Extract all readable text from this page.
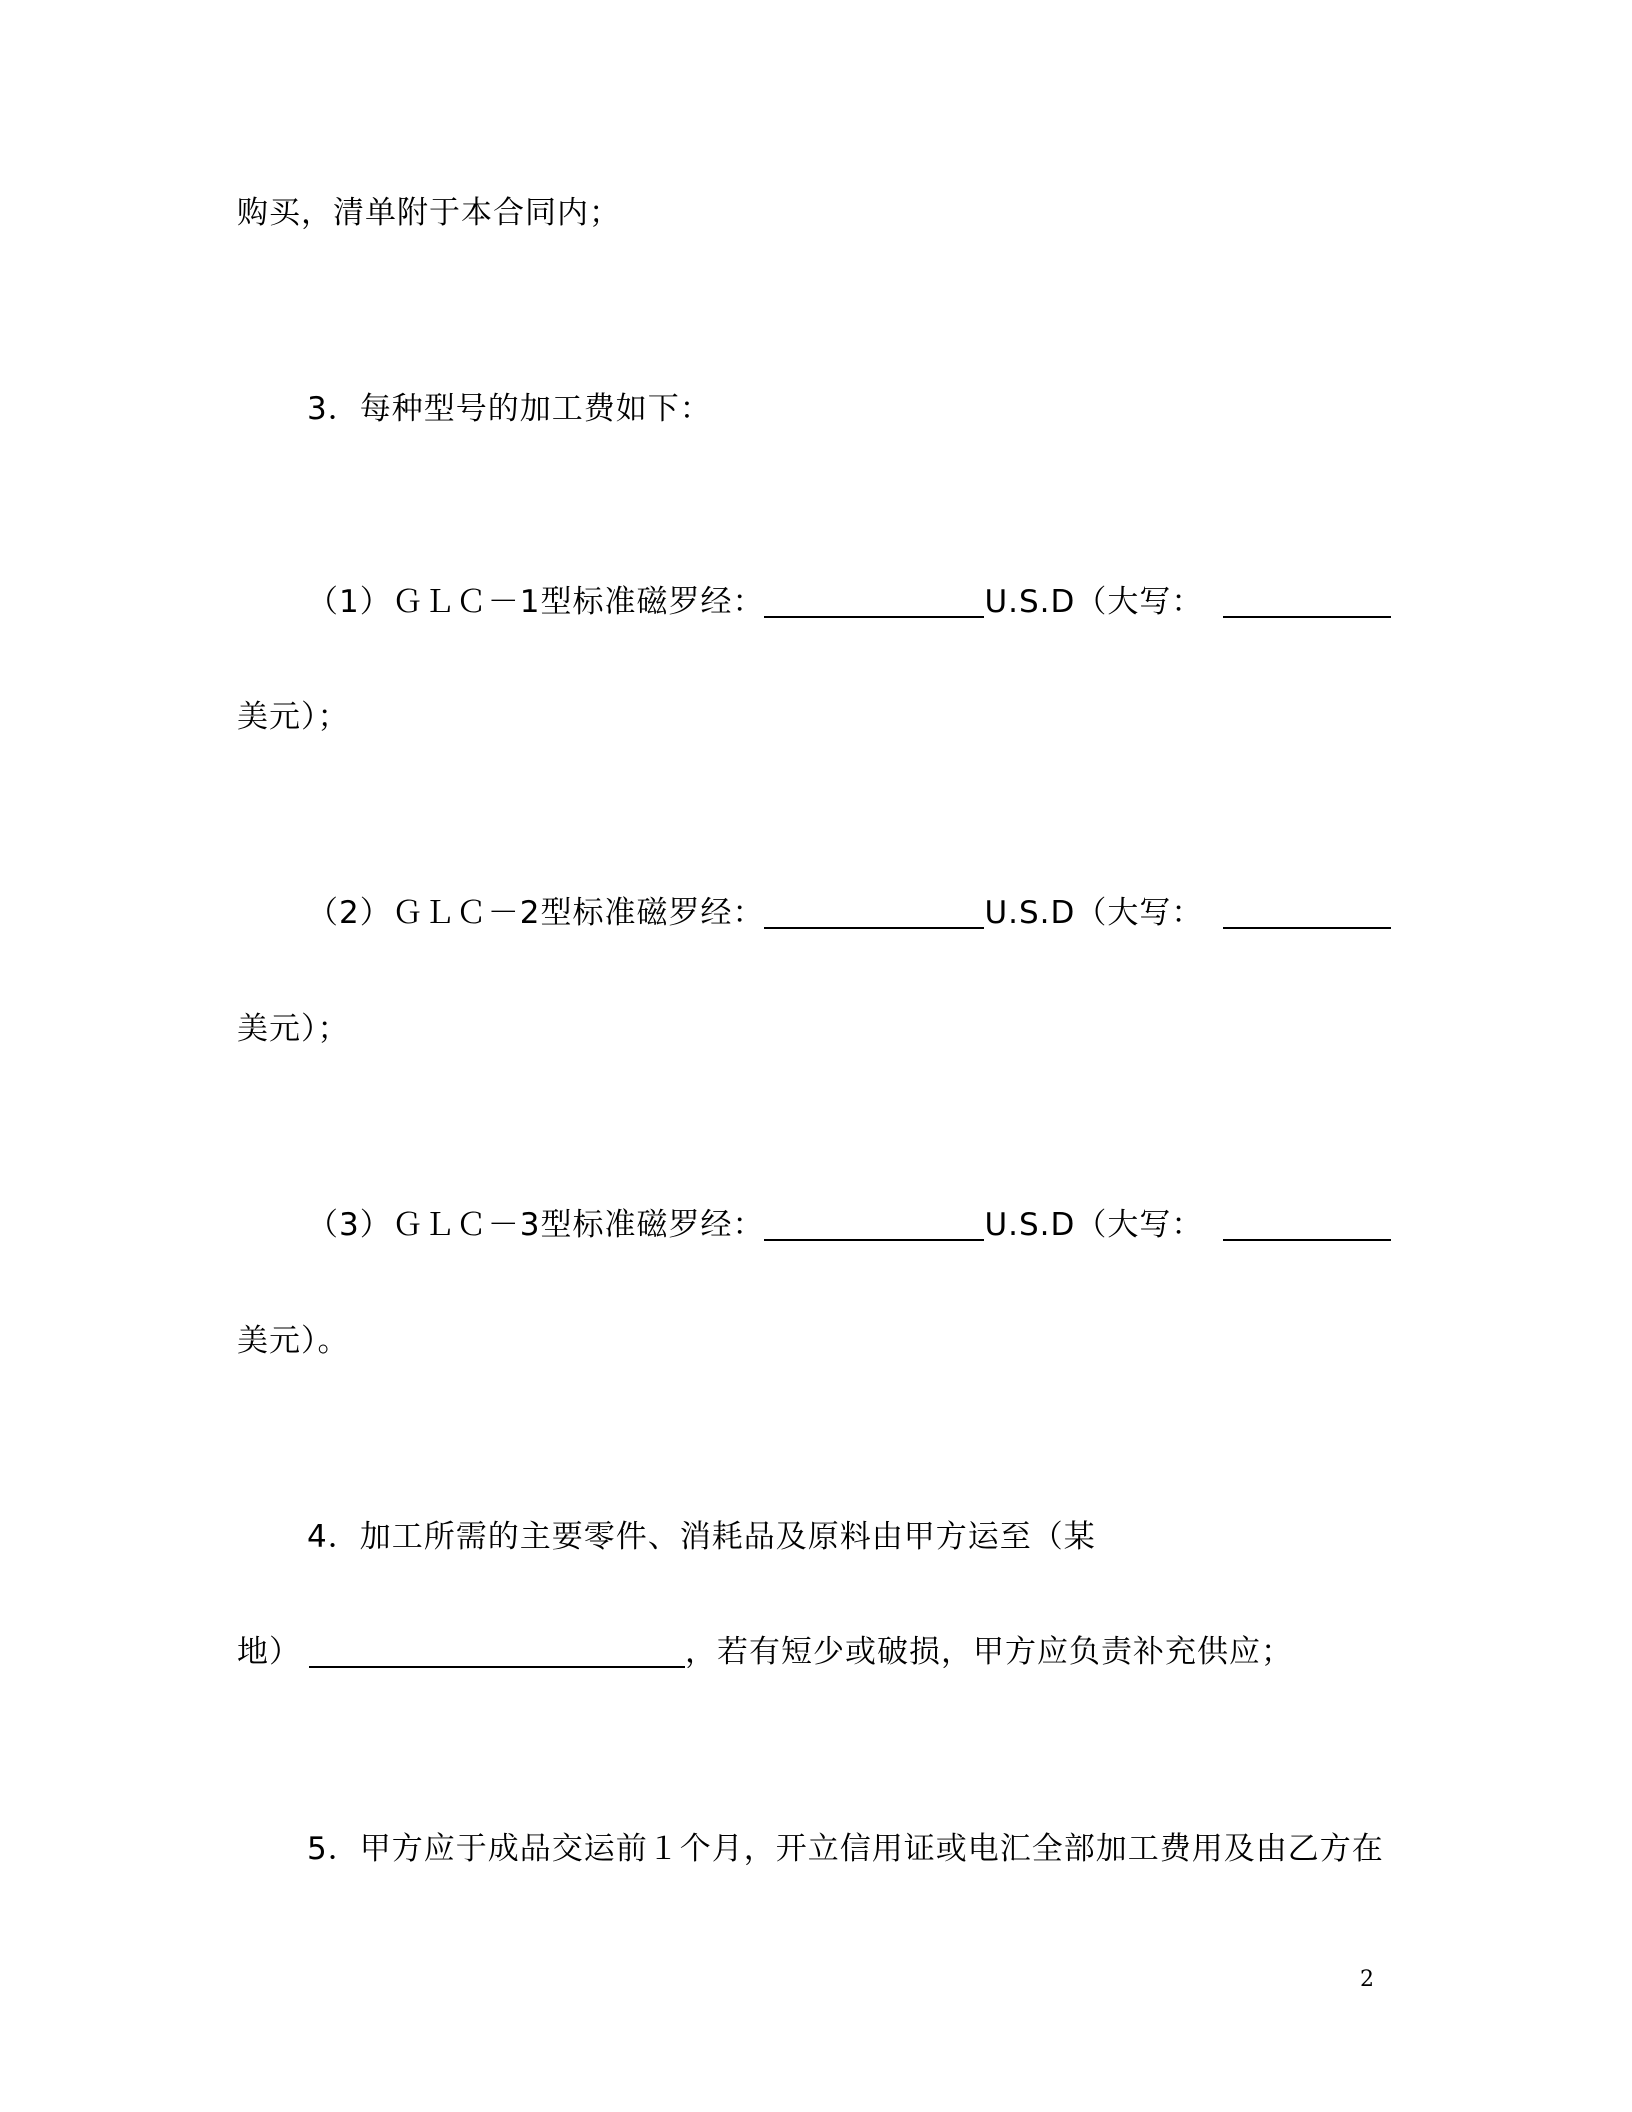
购买，清单附于本合同内；
3．每种型号的加工费如下：
（1）ＧＬＣ－1型标准磁罗经：	U.S.D（大写：
美元）；
（2）ＧＬＣ－2型标准磁罗经：	U.S.D（大写：
美元）；
（3）ＧＬＣ－3型标准磁罗经：	U.S.D（大写：
美元）。
4．加工所需的主要零件、消耗品及原料由甲方运至（某
地）	，若有短少或破损，甲方应负责补充供应；
5．甲方应于成品交运前１个月，开立信用证或电汇全部加工费用及由乙方在
2
